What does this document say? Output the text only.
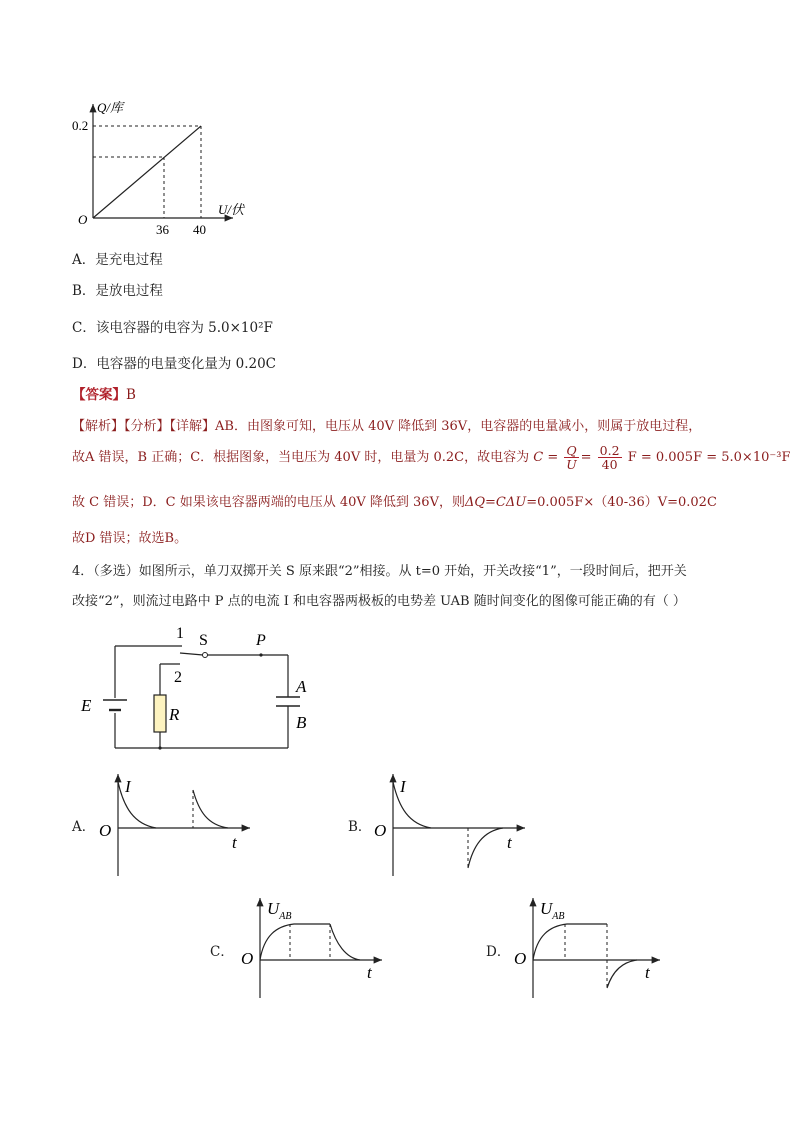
Q/库
0.2
O
36 40
U/伏
A．是充电过程
B．是放电过程
C．该电容器的电容为 5.0×10²F
D．电容器的电量变化量为 0.20C
【答案】B
【解析】【分析】【详解】AB．由图象可知，电压从 40V 降低到 36V，电容器的电量减小，则属于放电过程，
故A 错误，B 正确；C．根据图象，当电压为 40V 时，电量为 0.2C，故电容为 $C = \frac{Q}{U} = \frac{0.2}{40}$ F = 0.005F = 5.0×10⁻³F
故 C 错误；D．C 如果该电容器两端的电压从 40V 降低到 36V，则ΔQ=CΔU=0.005F×（40-36）V=0.02C
故D 错误；故选B。
4．（多选）如图所示，单刀双掷开关 S 原来跟“2”相接。从 t=0 开始，开关改接“1”，一段时间后，把开关
改接“2”，则流过电路中 P 点的电流 I 和电容器两极板的电势差 UAB 随时间变化的图像可能正确的有（ ）
1
2
S	P
E	R
A
B
A．
I
O
t
B．
I
O
t
C．
$U_{AB}$
O
t
D．
$U_{AB}$
O
t
